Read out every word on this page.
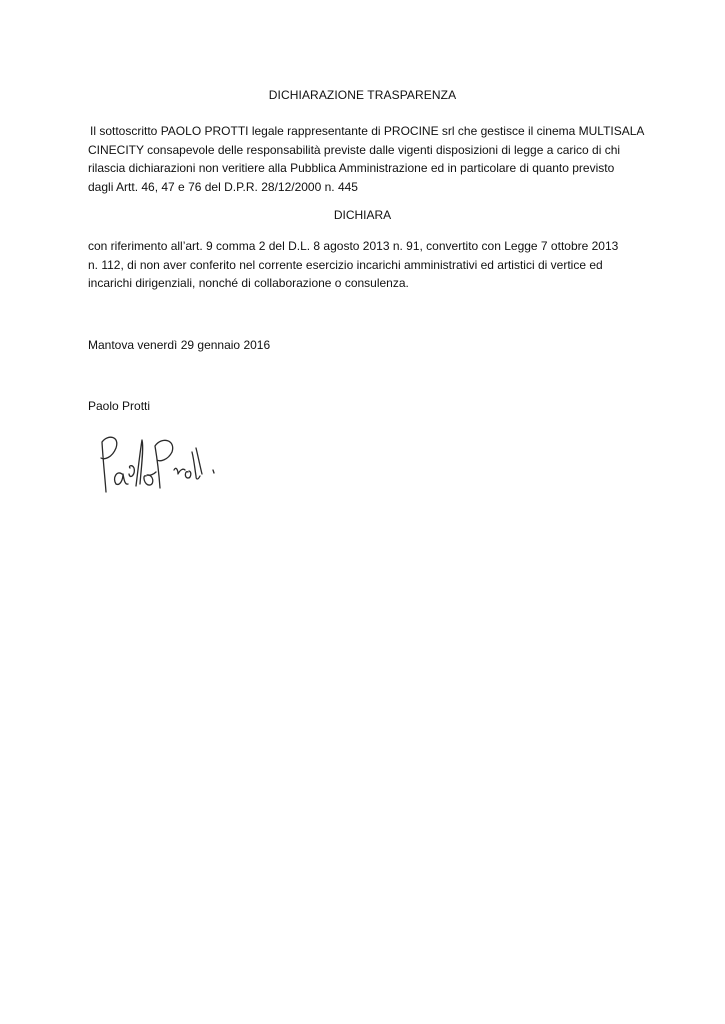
DICHIARAZIONE TRASPARENZA
Il sottoscritto PAOLO PROTTI legale rappresentante di PROCINE srl che gestisce il cinema MULTISALA
CINECITY consapevole delle responsabilità previste dalle vigenti disposizioni di legge a carico di chi
rilascia dichiarazioni non veritiere alla Pubblica Amministrazione ed in particolare di quanto previsto
dagli Artt. 46, 47 e 76 del D.P.R. 28/12/2000 n. 445
DICHIARA
con riferimento all’art. 9 comma 2 del D.L. 8 agosto 2013 n. 91, convertito con Legge 7 ottobre 2013
n. 112, di non aver conferito nel corrente esercizio incarichi amministrativi ed artistici di vertice ed
incarichi dirigenziali, nonché di collaborazione o consulenza.
Mantova venerdì 29 gennaio 2016
Paolo Protti
